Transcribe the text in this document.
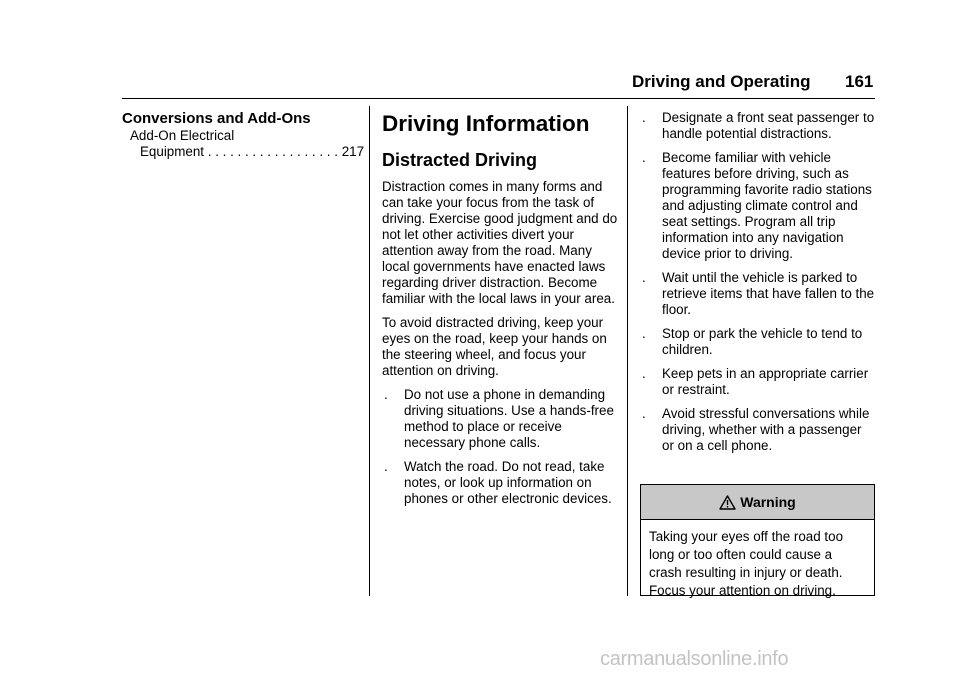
Driving and Operating 161
Conversions and Add-Ons
Add-On Electrical
Equipment . . . . . . . . . . . . . . . . . . 217
Driving Information
Distracted Driving

Distraction comes in many forms and can take your focus from the task of driving. Exercise good judgment and do not let other activities divert your attention away from the road. Many local governments have enacted laws regarding driver distraction. Become familiar with the local laws in your area.

To avoid distracted driving, keep your eyes on the road, keep your hands on the steering wheel, and focus your attention on driving.

. Do not use a phone in demanding driving situations. Use a hands-free method to place or receive necessary phone calls.
. Watch the road. Do not read, take notes, or look up information on phones or other electronic devices.
. Designate a front seat passenger to handle potential distractions.
. Become familiar with vehicle features before driving, such as programming favorite radio stations and adjusting climate control and seat settings. Program all trip information into any navigation device prior to driving.
. Wait until the vehicle is parked to retrieve items that have fallen to the floor.
. Stop or park the vehicle to tend to children.
. Keep pets in an appropriate carrier or restraint.
. Avoid stressful conversations while driving, whether with a passenger or on a cell phone.
Warning
Taking your eyes off the road too long or too often could cause a crash resulting in injury or death. Focus your attention on driving.
carmanualsonline.info
